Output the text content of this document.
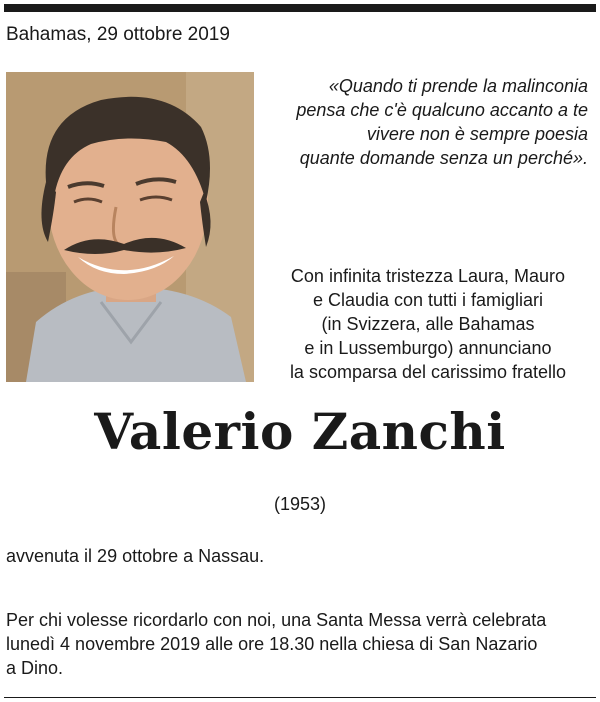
Bahamas, 29 ottobre 2019
«Quando ti prende la malinconia
pensa che c'è qualcuno accanto a te
vivere non è sempre poesia
quante domande senza un perché».
Con infinita tristezza Laura, Mauro
e Claudia con tutti i famigliari
(in Svizzera, alle Bahamas
e in Lussemburgo) annunciano
la scomparsa del carissimo fratello
Valerio Zanchi
(1953)
avvenuta il 29 ottobre a Nassau.
Per chi volesse ricordarlo con noi, una Santa Messa verrà celebrata
lunedì 4 novembre 2019 alle ore 18.30 nella chiesa di San Nazario
a Dino.
